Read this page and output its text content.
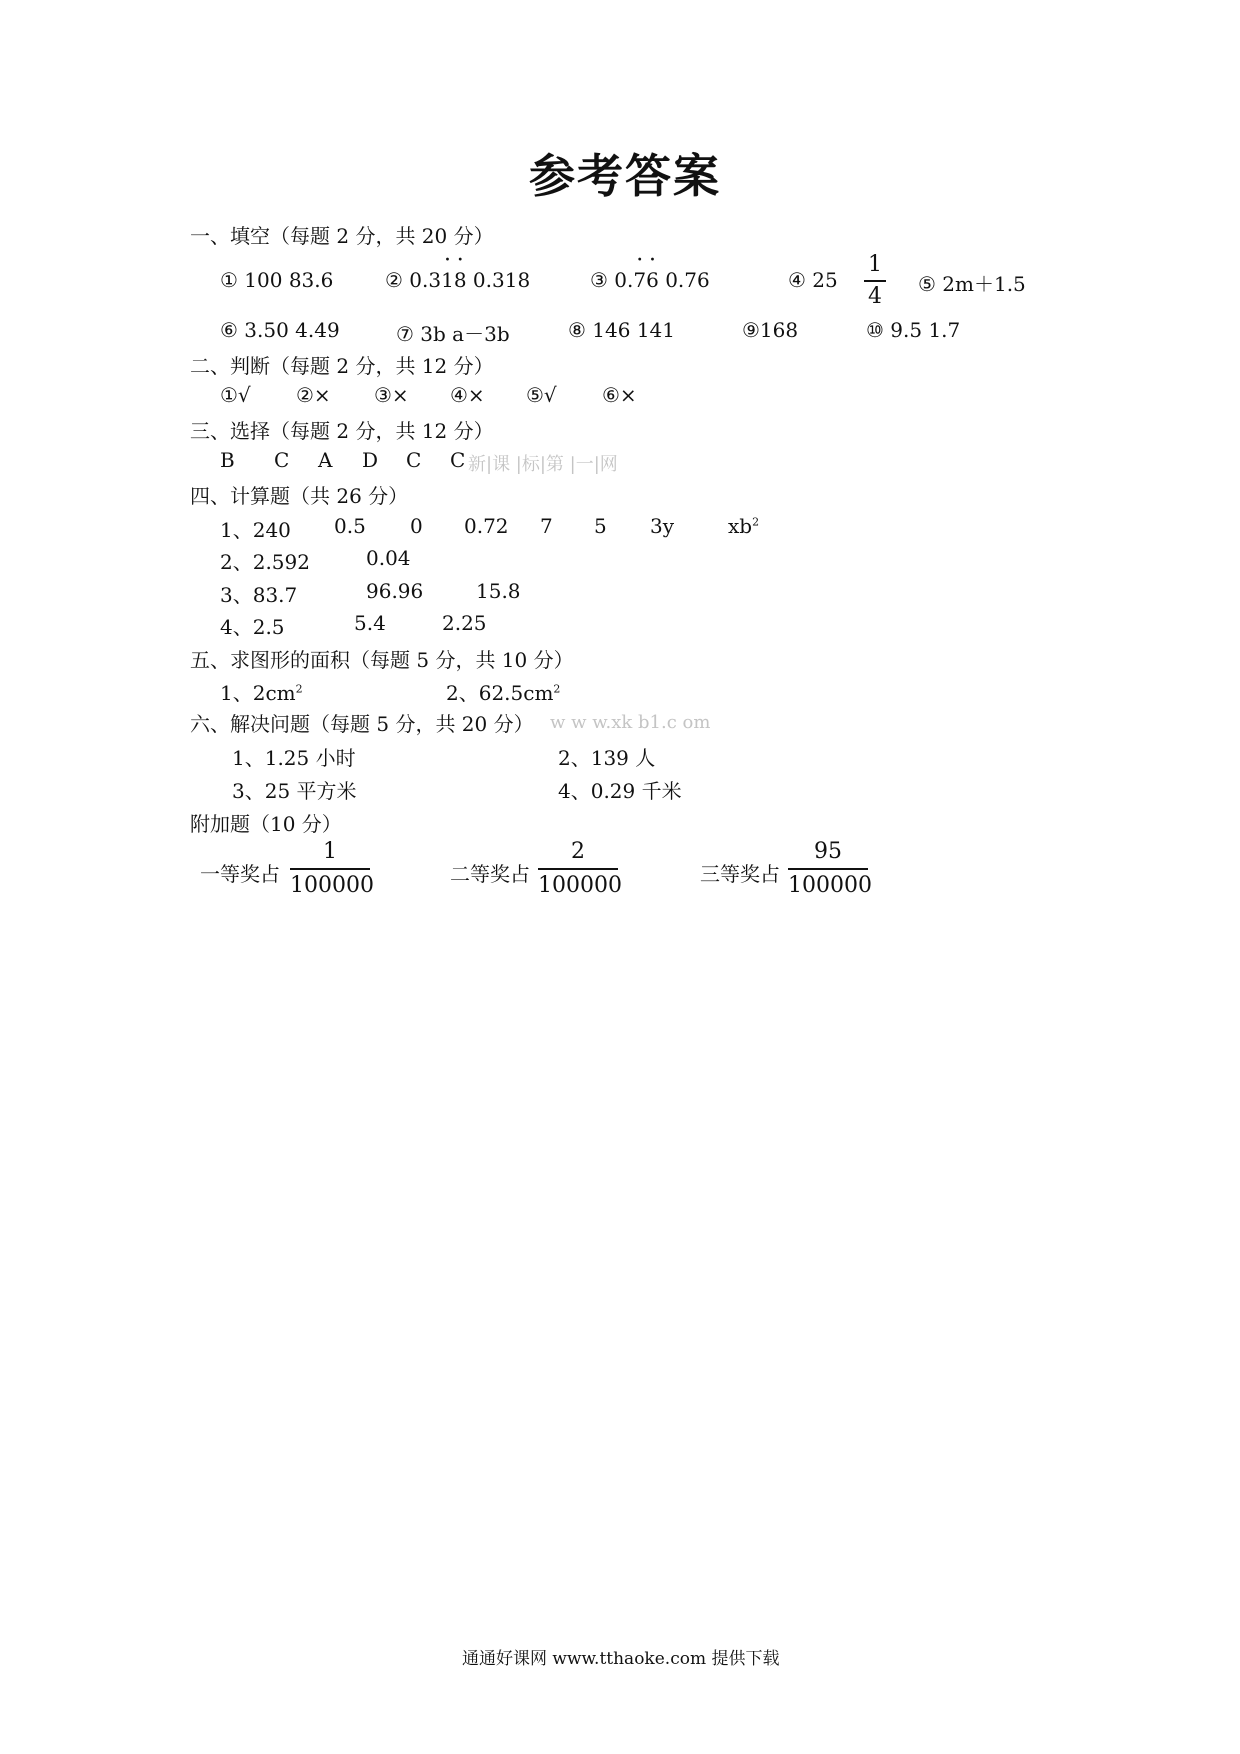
参考答案
一、填空（每题 2 分，共 20 分）
① 100 83.6	② 0.3· 1· 8 0.318	③ 0.· 7· 6 0.76	④ 25
1
4 ⑤ 2m＋1.5
⑥ 3.50 4.49	⑦ 3b a－3b	⑧ 146 141	⑨168	⑩ 9.5 1.7
二、判断（每题 2 分，共 12 分）
①√ ②× ③× ④× ⑤√ ⑥×
三、选择（每题 2 分，共 12 分）
B C A D C C 新|课 |标|第 |一|网
四、计算题（共 26 分）
1、240 0.5 0 0.72 7 5 3y	$xb^2$
2、2.592	0.04
3、83.7	96.96	15.8
4、2.5	5.4	2.25
五、求图形的面积（每题 5 分，共 10 分）
1、$2cm^2$	2、$62.5cm^2$
六、解决问题（每题 5 分，共 20 分） w w w.xk b1.c om
1、1.25 小时	2、139 人
3、25 平方米	4、0.29 千米
附加题（10 分）
一等奖占
1
100000	二等奖占
2
100000	三等奖占
95
100000
通通好课网 www.tthaoke.com 提供下载
